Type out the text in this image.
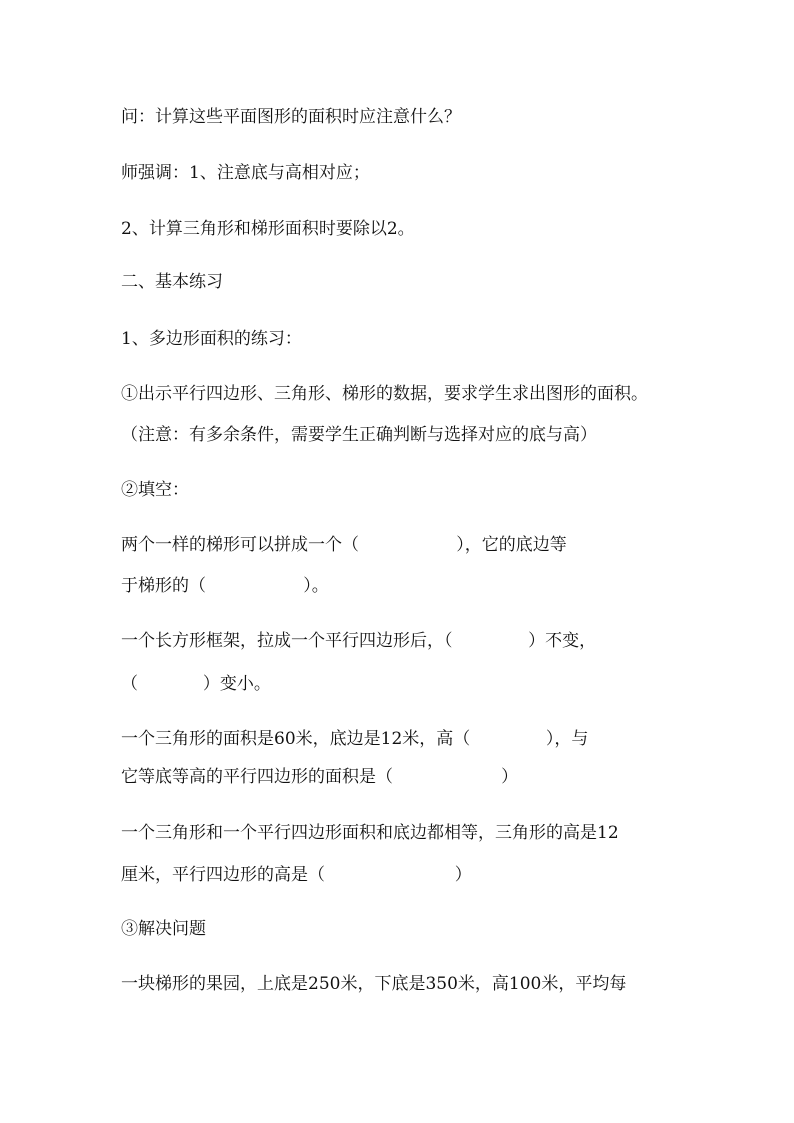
问：计算这些平面图形的面积时应注意什么？
师强调：1、注意底与高相对应；
2、计算三角形和梯形面积时要除以2。
二、基本练习
1、多边形面积的练习：
①出示平行四边形、三角形、梯形的数据，要求学生求出图形的面积。
（注意：有多余条件，需要学生正确判断与选择对应的底与高）
②填空：
两个一样的梯形可以拼成一个（                  ），它的底边等
于梯形的（                  ）。
一个长方形框架，拉成一个平行四边形后，（              ）不变，
（            ）变小。
一个三角形的面积是60米，底边是12米，高（              ），与
它等底等高的平行四边形的面积是（                    ）
一个三角形和一个平行四边形面积和底边都相等，三角形的高是12
厘米，平行四边形的高是（                        ）
③解决问题
一块梯形的果园，上底是250米，下底是350米，高100米，平均每
